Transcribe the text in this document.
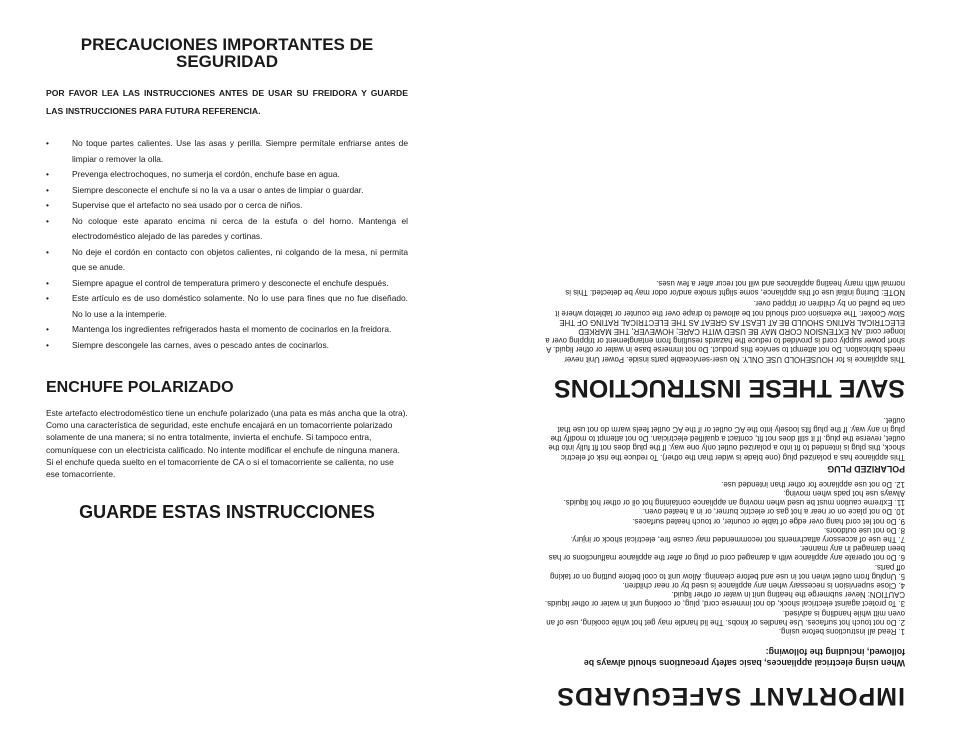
PRECAUCIONES IMPORTANTES DE SEGURIDAD
POR FAVOR LEA LAS INSTRUCCIONES ANTES DE USAR SU FREIDORA Y GUARDE LAS INSTRUCCIONES PARA FUTURA REFERENCIA.
• No toque partes calientes. Use las asas y perilla. Siempre permítale enfriarse antes de limpiar o remover la olla.
• Prevenga electrochoques, no sumerja el cordón, enchufe base en agua.
• Siempre desconecte el enchufe si no la va a usar o antes de limpiar o guardar.
• Supervise que el artefacto no sea usado por o cerca de niños.
• No coloque este aparato encima ni cerca de la estufa o del horno. Mantenga el electrodoméstico alejado de las paredes y cortinas.
• No deje el cordón en contacto con objetos calientes, ni colgando de la mesa, ni permita que se anude.
• Siempre apague el control de temperatura primero y desconecte el enchufe después.
• Este artículo es de uso doméstico solamente. No lo use para fines que no fue diseñado. No lo use a la intemperie.
• Mantenga los ingredientes refrigerados hasta el momento de cocinarlos en la freidora.
• Siempre descongele las carnes, aves o pescado antes de cocinarlos.
ENCHUFE POLARIZADO
Este artefacto electrodoméstico tiene un enchufe polarizado (una pata es más ancha que la otra). Como una característica de seguridad, este enchufe encajará en un tomacorriente polarizado solamente de una manera; si no entra totalmente, invierta el enchufe. Si tampoco entra, comuníquese con un electricista calificado. No intente modificar el enchufe de ninguna manera. Si el enchufe queda suelto en el tomacorriente de CA o si el tomacorriente se calienta, no use ese tomacorriente.
GUARDE ESTAS INSTRUCCIONES
IMPORTANT SAFEGUARDS
When using electrical appliances, basic safety precautions should always be followed, including the following:
1. Read all instructions before using.
2. Do not touch hot surfaces. Use handles or knobs. The lid handle may get hot while cooking, use of an oven mitt while handling is advised.
3. To protect against electrical shock, do not immerse cord, plug, or cooking unit in water or other liquids. CAUTION: Never submerge the heating unit in water or other liquid.
4. Close supervision is necessary when any appliance is used by or near children.
5. Unplug from outlet when not in use and before cleaning. Allow unit to cool before putting on or taking off parts.
6. Do not operate any appliance with a damaged cord or plug or after the appliance malfunctions or has been damaged in any manner.
7. The use of accessory attachments not recommended may cause fire, electrical shock or injury.
8. Do not use outdoors.
9. Do not let cord hang over edge of table or counter, or touch heated surfaces.
10. Do not place on or near a hot gas or electric burner, or in a heated oven.
11. Extreme caution must be used when moving an appliance containing hot oil or other hot liquids. Always use hot pads when moving.
12. Do not use appliance for other than intended use.
POLARIZED PLUG
This appliance has a polarized plug (one blade is wider than the other). To reduce the risk of electric shock, this plug is intended to fit into a polarized outlet only one way. If the plug does not fit fully into the outlet, reverse the plug. If it still does not fit, contact a qualified electrician. Do not attempt to modify the plug in any way. If the plug fits loosely into the AC outlet or if the AC outlet feels warm do not use that outlet.
SAVE THESE INSTRUCTIONS
This appliance is for HOUSEHOLD USE ONLY. No user-serviceable parts inside. Power Unit never needs lubrication. Do not attempt to service this product. Do not immerse base in water or other liquid. A short power supply cord is provided to reduce the hazards resulting from entanglement or tripping over a longer cord. AN EXTENSION CORD MAY BE USED WITH CARE; HOWEVER, THE MARKED ELECTRICAL RATING SHOULD BE AT LEAST AS GREAT AS THE ELECTRICAL RATING OF THE Slow Cooker. The extension cord should not be allowed to drape over the counter or tabletop where it can be pulled on by children or tripped over.
NOTE: During initial use of this appliance, some slight smoke and/or odor may be detected. This is normal with many heating appliances and will not recur after a few uses.
